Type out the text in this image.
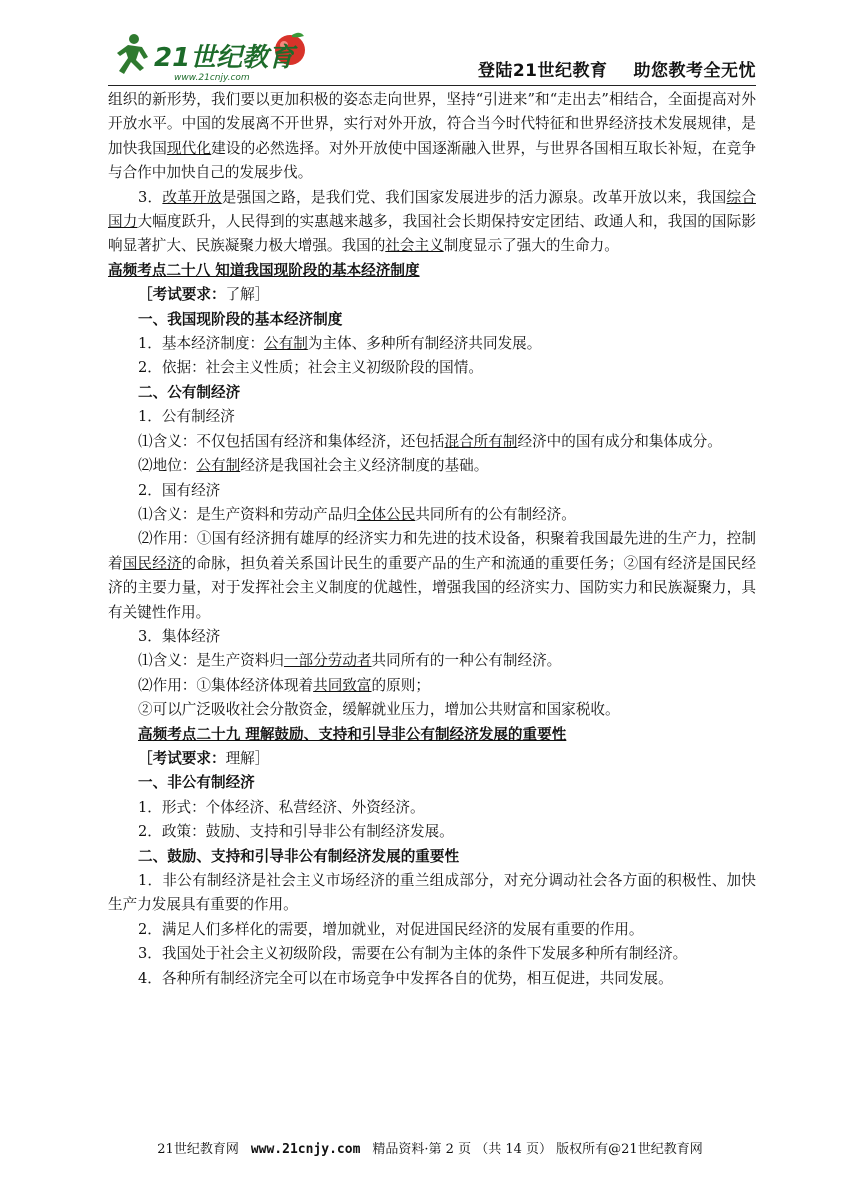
21世纪教育
www.21cnjy.com	登陆21世纪教育 助您教考全无忧

组织的新形势，我们要以更加积极的姿态走向世界，坚持“引进来”和“走出去”相结合，全面提高对外开放水平。中国的发展离不开世界，实行对外开放，符合当今时代特征和世界经济技术发展规律，是加快我国现代化建设的必然选择。对外开放使中国逐渐融入世界，与世界各国相互取长补短，在竞争与合作中加快自己的发展步伐。

3．改革开放是强国之路，是我们党、我们国家发展进步的活力源泉。改革开放以来，我国综合国力大幅度跃升，人民得到的实惠越来越多，我国社会长期保持安定团结、政通人和，我国的国际影响显著扩大、民族凝聚力极大增强。我国的社会主义制度显示了强大的生命力。

高频考点二十八 知道我国现阶段的基本经济制度

［考试要求：了解］

一、我国现阶段的基本经济制度

1．基本经济制度：公有制为主体、多种所有制经济共同发展。

2．依据：社会主义性质；社会主义初级阶段的国情。

二、公有制经济

1．公有制经济

⑴含义：不仅包括国有经济和集体经济，还包括混合所有制经济中的国有成分和集体成分。

⑵地位：公有制经济是我国社会主义经济制度的基础。

2．国有经济

⑴含义：是生产资料和劳动产品归全体公民共同所有的公有制经济。

⑵作用：①国有经济拥有雄厚的经济实力和先进的技术设备，积聚着我国最先进的生产力，控制着国民经济的命脉，担负着关系国计民生的重要产品的生产和流通的重要任务；②国有经济是国民经济的主要力量，对于发挥社会主义制度的优越性，增强我国的经济实力、国防实力和民族凝聚力，具有关键性作用。

3．集体经济

⑴含义：是生产资料归一部分劳动者共同所有的一种公有制经济。

⑵作用：①集体经济体现着共同致富的原则；

②可以广泛吸收社会分散资金，缓解就业压力，增加公共财富和国家税收。

高频考点二十九 理解鼓励、支持和引导非公有制经济发展的重要性

［考试要求：理解］

一、非公有制经济

1．形式：个体经济、私营经济、外资经济。

2．政策：鼓励、支持和引导非公有制经济发展。

二、鼓励、支持和引导非公有制经济发展的重要性

1．非公有制经济是社会主义市场经济的重兰组成部分，对充分调动社会各方面的积极性、加快生产力发展具有重要的作用。

2．满足人们多样化的需要，增加就业，对促进国民经济的发展有重要的作用。

3．我国处于社会主义初级阶段，需要在公有制为主体的条件下发展多种所有制经济。

4．各种所有制经济完全可以在市场竞争中发挥各自的优势，相互促进，共同发展。

21世纪教育网 www.21cnjy.com 精品资料·第 2 页 （共 14 页） 版权所有@21世纪教育网
